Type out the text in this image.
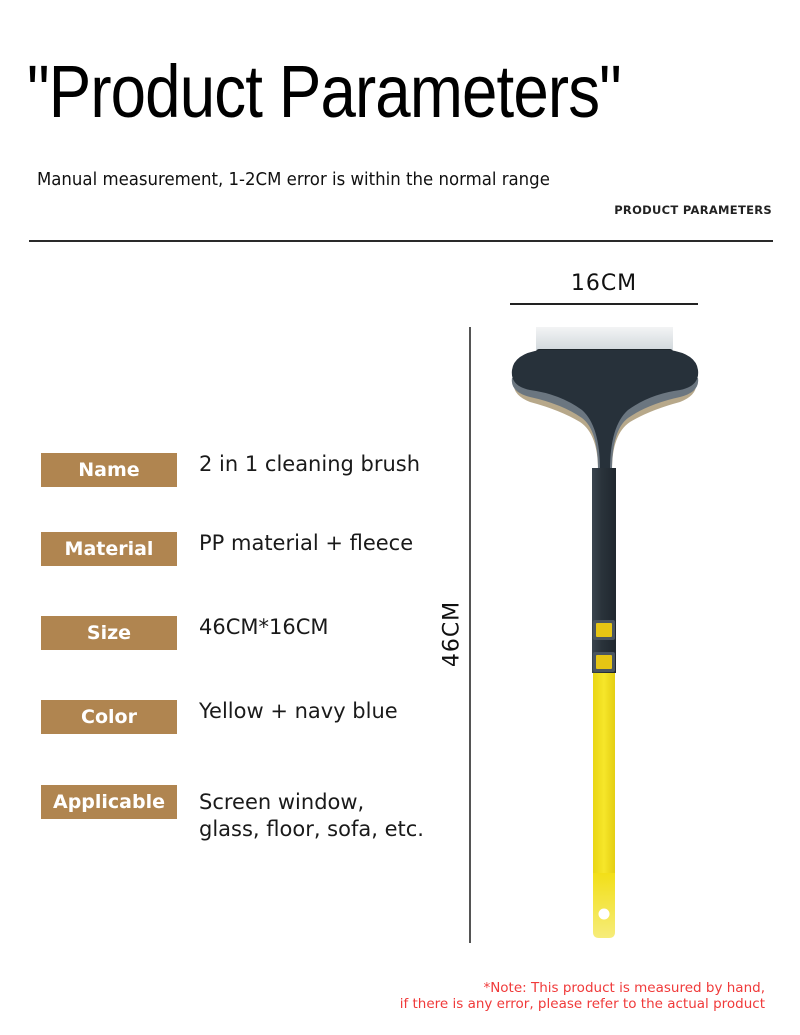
"Product Parameters"
Manual measurement, 1-2CM error is within the normal range
PRODUCT PARAMETERS
Name	2 in 1 cleaning brush
Material	PP material + fleece
Size	46CM*16CM
Color	Yellow + navy blue
Applicable	Screen window,
glass, floor, sofa, etc.
16CM
46CM
*Note: This product is measured by hand,
if there is any error, please refer to the actual product
